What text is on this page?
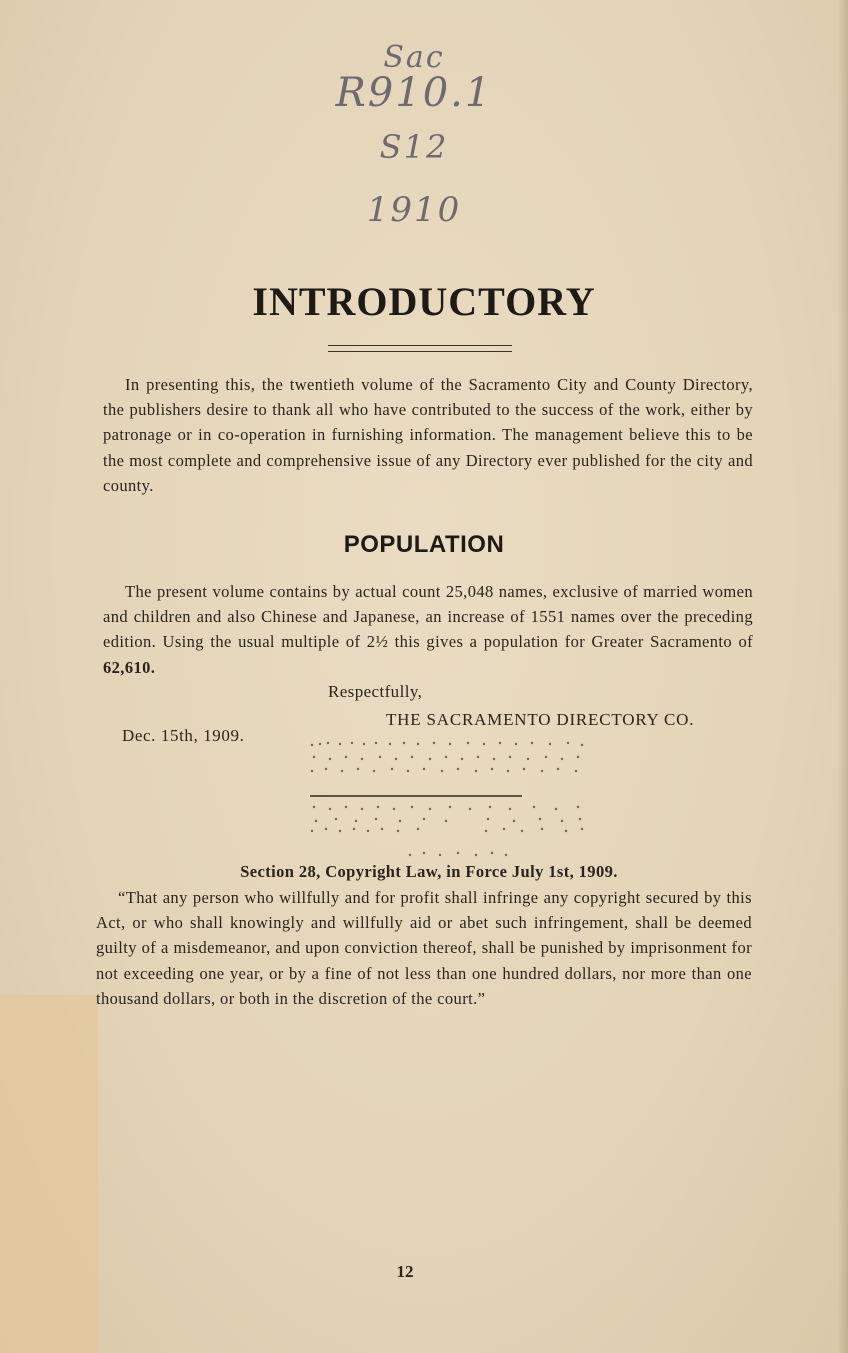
Sac
R910.1
S12
1910
INTRODUCTORY

In presenting this, the twentieth volume of the Sacramento City and County Directory, the publishers desire to thank all who have contributed to the success of the work, either by patronage or in co-operation in furnishing information. The management believe this to be the most complete and comprehensive issue of any Directory ever published for the city and county.

POPULATION

The present volume contains by actual count 25,048 names, exclusive of married women and children and also Chinese and Japanese, an increase of 1551 names over the preceding edition. Using the usual multiple of 2½ this gives a population for Greater Sacramento of 62,610.

Respectfully,
THE SACRAMENTO DIRECTORY CO.
Dec. 15th, 1909.
Section 28, Copyright Law, in Force July 1st, 1909.

“That any person who willfully and for profit shall infringe any copyright secured by this Act, or who shall knowingly and willfully aid or abet such infringement, shall be deemed guilty of a misdemeanor, and upon conviction thereof, shall be punished by imprisonment for not exceeding one year, or by a fine of not less than one hundred dollars, nor more than one thousand dollars, or both in the discretion of the court.”

12
